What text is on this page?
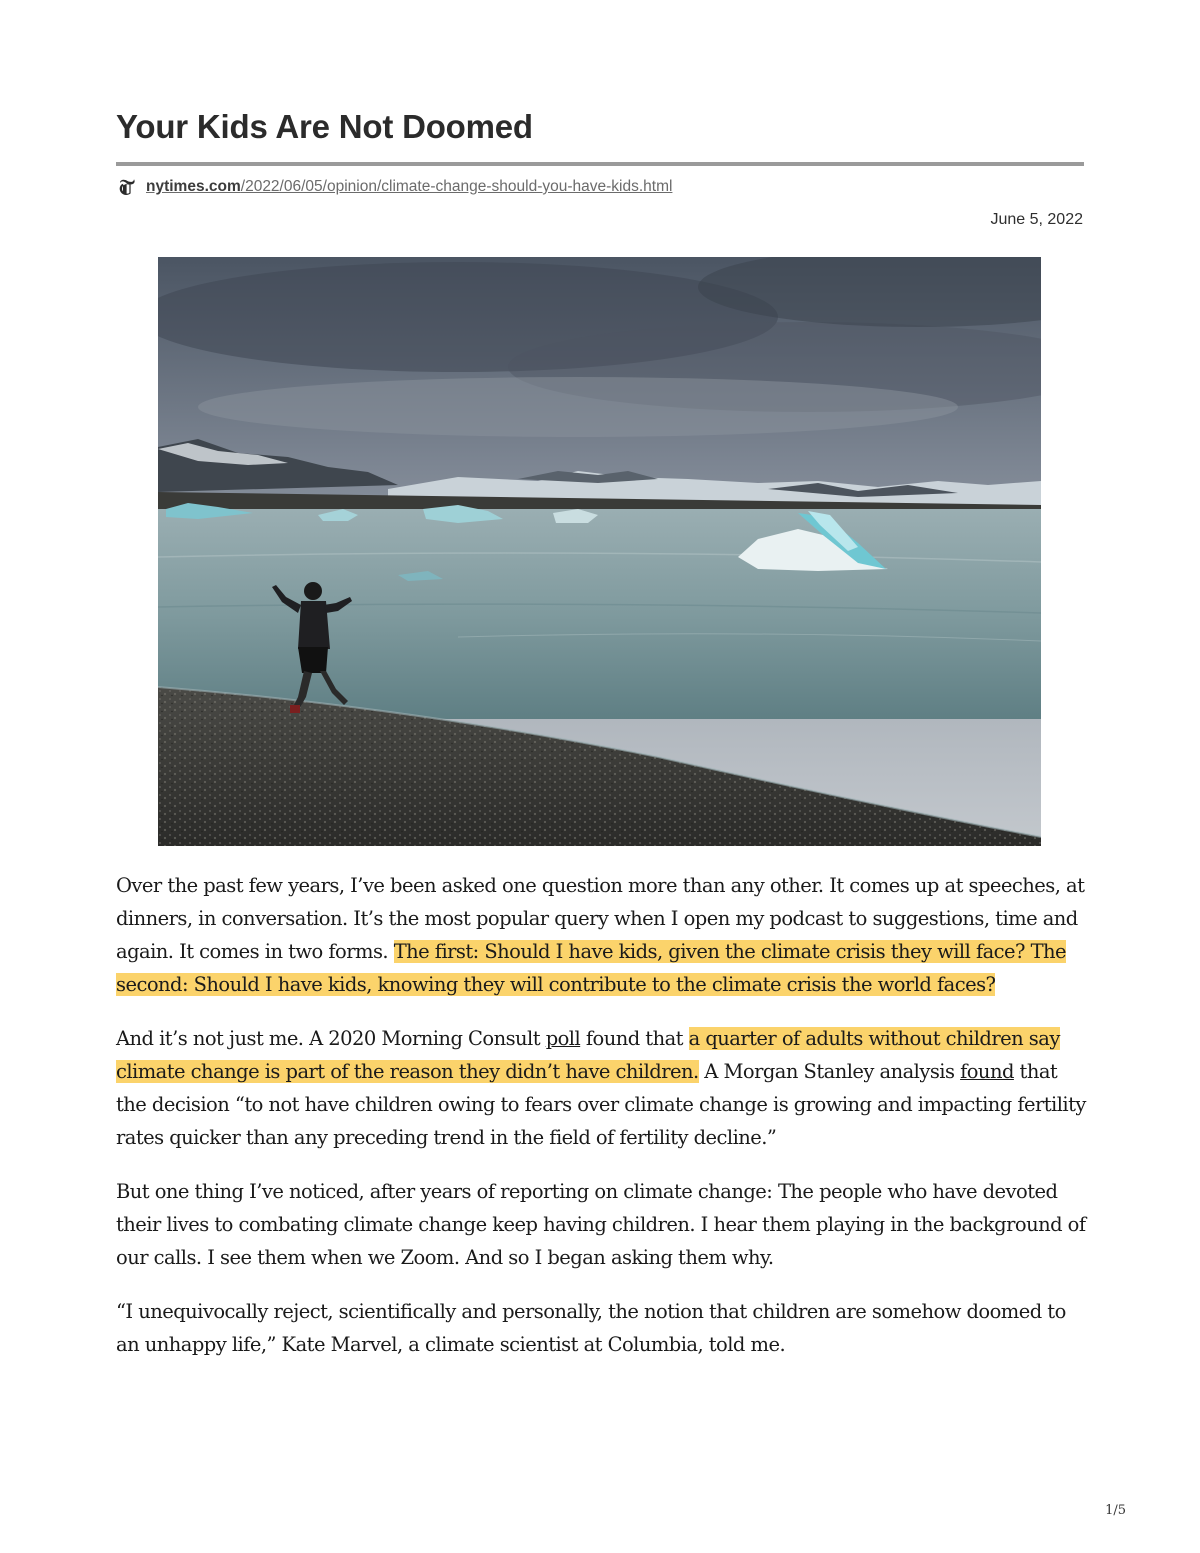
Your Kids Are Not Doomed
nytimes.com/2022/06/05/opinion/climate-change-should-you-have-kids.html
June 5, 2022

Over the past few years, I’ve been asked one question more than any other. It comes up at speeches, at dinners, in conversation. It’s the most popular query when I open my podcast to suggestions, time and again. It comes in two forms. The first: Should I have kids, given the climate crisis they will face? The second: Should I have kids, knowing they will contribute to the climate crisis the world faces?

And it’s not just me. A 2020 Morning Consult poll found that a quarter of adults without children say climate change is part of the reason they didn’t have children. A Morgan Stanley analysis found that the decision “to not have children owing to fears over climate change is growing and impacting fertility rates quicker than any preceding trend in the field of fertility decline.”

But one thing I’ve noticed, after years of reporting on climate change: The people who have devoted their lives to combating climate change keep having children. I hear them playing in the background of our calls. I see them when we Zoom. And so I began asking them why.

“I unequivocally reject, scientifically and personally, the notion that children are somehow doomed to an unhappy life,” Kate Marvel, a climate scientist at Columbia, told me.

1/5
